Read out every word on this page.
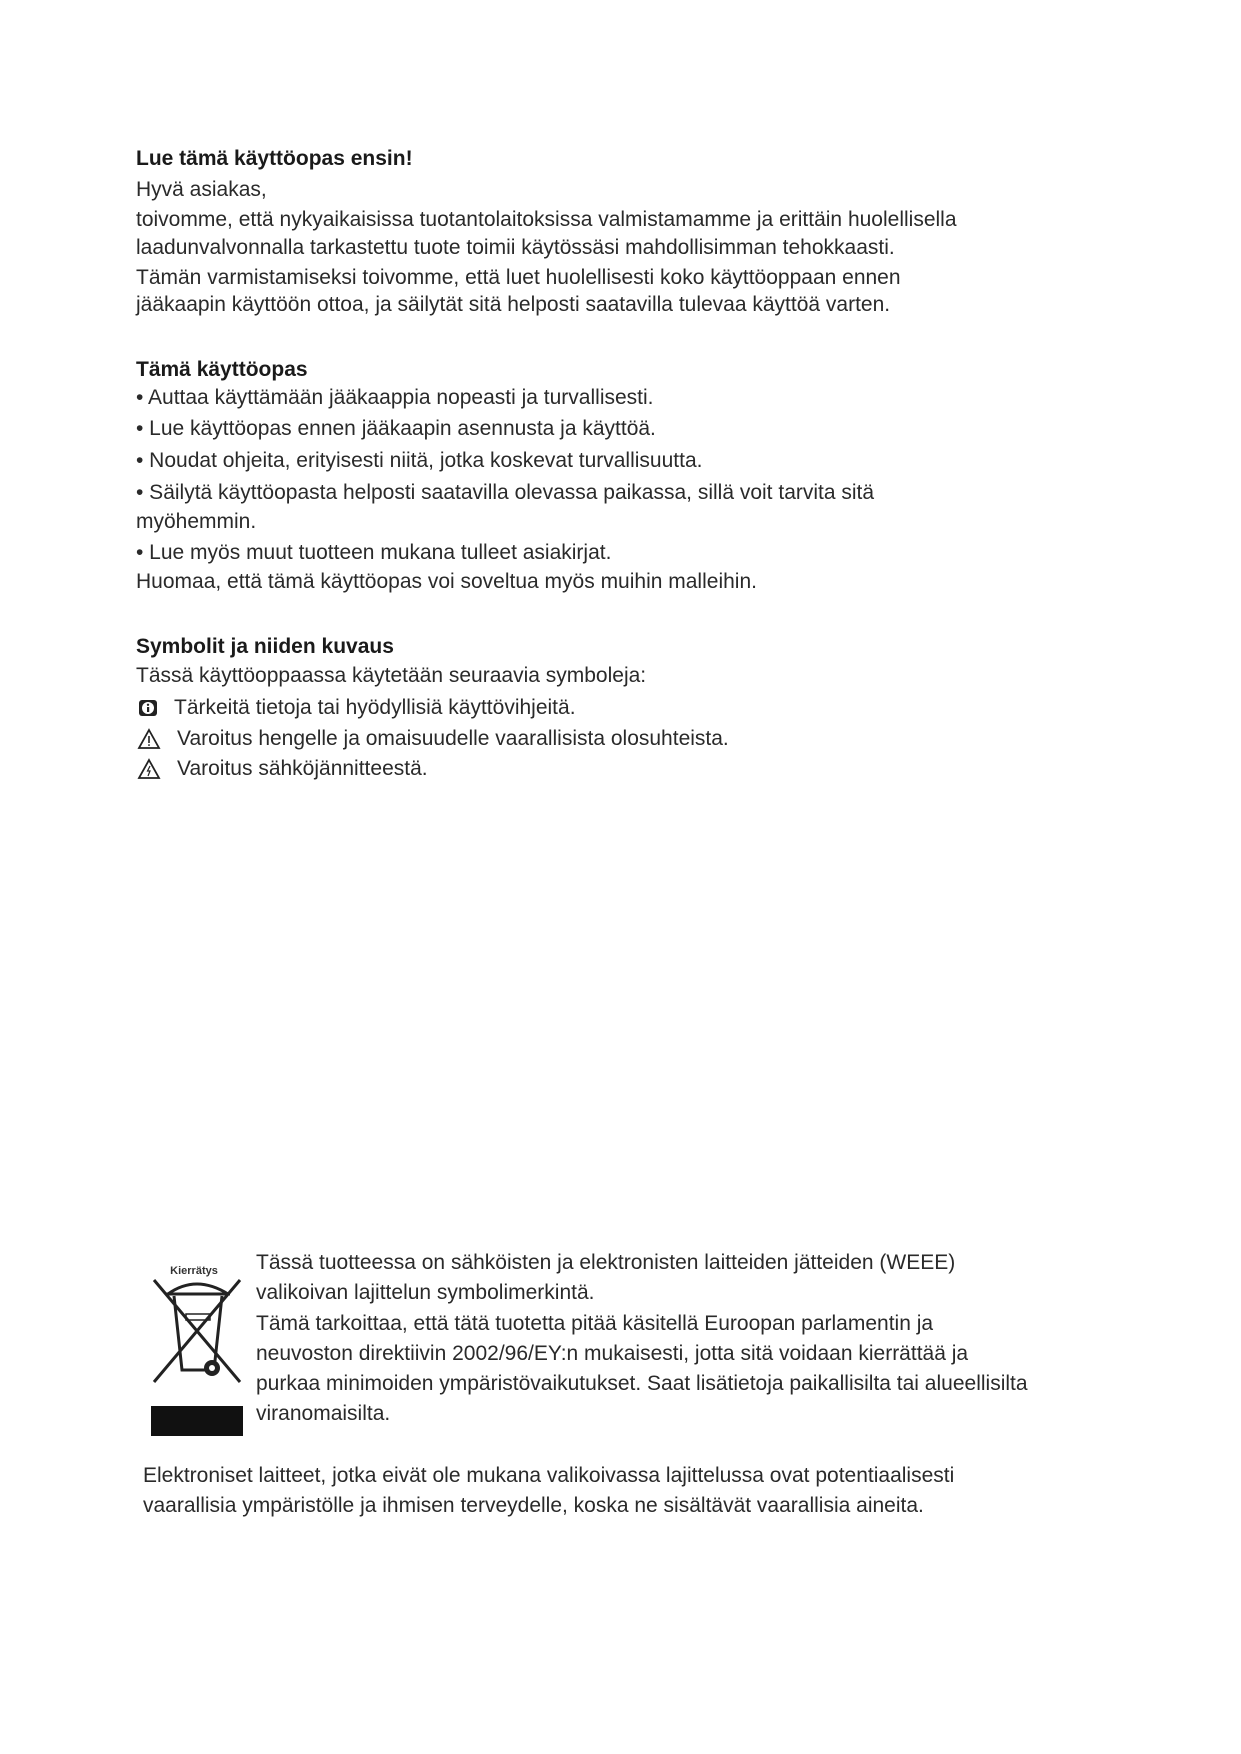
Lue tämä käyttöopas ensin!
Hyvä asiakas,
toivomme, että nykyaikaisissa tuotantolaitoksissa valmistamamme ja erittäin huolellisella
laadunvalvonnalla tarkastettu tuote toimii käytössäsi mahdollisimman tehokkaasti.
Tämän varmistamiseksi toivomme, että luet huolellisesti koko käyttöoppaan ennen
jääkaapin käyttöön ottoa, ja säilytät sitä helposti saatavilla tulevaa käyttöä varten.
Tämä käyttöopas
• Auttaa käyttämään jääkaappia nopeasti ja turvallisesti.
• Lue käyttöopas ennen jääkaapin asennusta ja käyttöä.
• Noudat ohjeita, erityisesti niitä, jotka koskevat turvallisuutta.
• Säilytä käyttöopasta helposti saatavilla olevassa paikassa, sillä voit tarvita sitä
myöhemmin.
• Lue myös muut tuotteen mukana tulleet asiakirjat.
Huomaa, että tämä käyttöopas voi soveltua myös muihin malleihin.
Symbolit ja niiden kuvaus
Tässä käyttöoppaassa käytetään seuraavia symboleja:
Tärkeitä tietoja tai hyödyllisiä käyttövihjeitä.
Varoitus hengelle ja omaisuudelle vaarallisista olosuhteista.
Varoitus sähköjännitteestä.
Kierrätys Tässä tuotteessa on sähköisten ja elektronisten laitteiden jätteiden (WEEE)
valikoivan lajittelun symbolimerkintä.
Tämä tarkoittaa, että tätä tuotetta pitää käsitellä Euroopan parlamentin ja
neuvoston direktiivin 2002/96/EY:n mukaisesti, jotta sitä voidaan kierrättää ja
purkaa minimoiden ympäristövaikutukset. Saat lisätietoja paikallisilta tai alueellisilta
viranomaisilta.
Elektroniset laitteet, jotka eivät ole mukana valikoivassa lajittelussa ovat potentiaalisesti
vaarallisia ympäristölle ja ihmisen terveydelle, koska ne sisältävät vaarallisia aineita.
